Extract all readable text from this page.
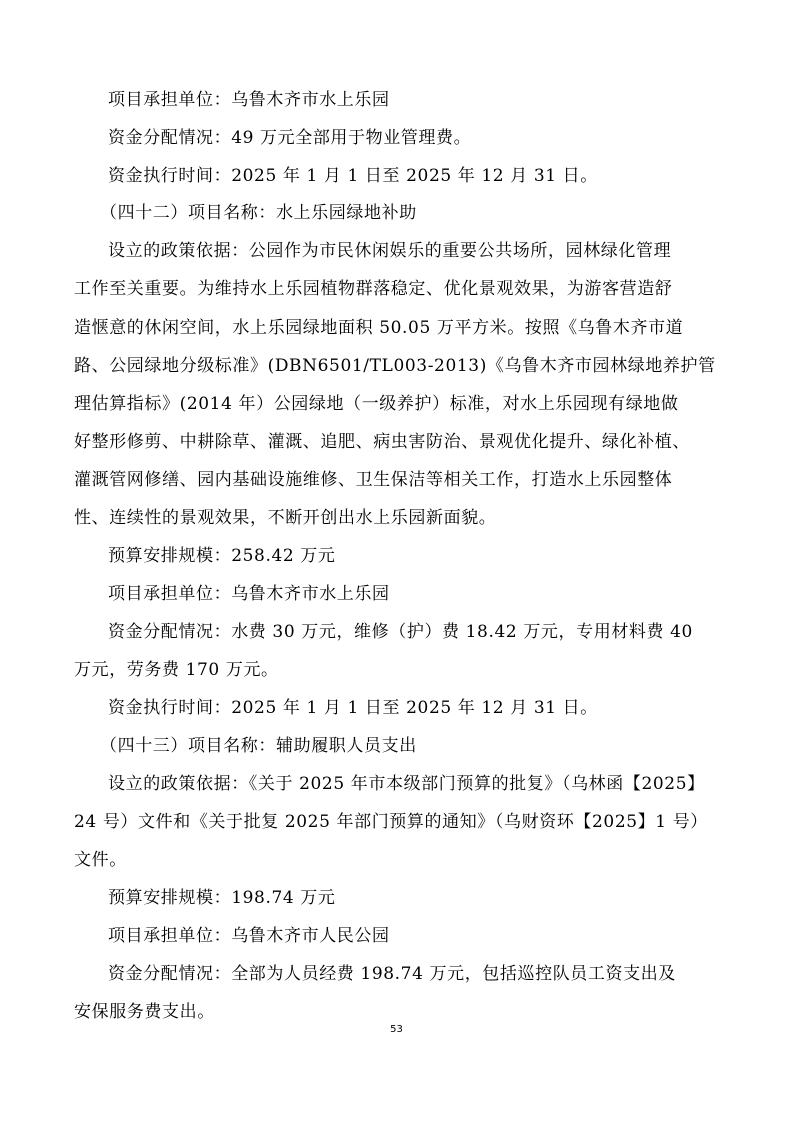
项目承担单位：乌鲁木齐市水上乐园
资金分配情况：49 万元全部用于物业管理费。
资金执行时间：2025 年 1 月 1 日至 2025 年 12 月 31 日。
（四十二）项目名称：水上乐园绿地补助
设立的政策依据：公园作为市民休闲娱乐的重要公共场所，园林绿化管理
工作至关重要。为维持水上乐园植物群落稳定、优化景观效果，为游客营造舒
造惬意的休闲空间，水上乐园绿地面积 50.05 万平方米。按照《乌鲁木齐市道
路、公园绿地分级标准》(DBN6501/TL003-2013)《乌鲁木齐市园林绿地养护管
理估算指标》(2014 年）公园绿地（一级养护）标准，对水上乐园现有绿地做
好整形修剪、中耕除草、灌溉、追肥、病虫害防治、景观优化提升、绿化补植、
灌溉管网修缮、园内基础设施维修、卫生保洁等相关工作，打造水上乐园整体
性、连续性的景观效果，不断开创出水上乐园新面貌。
预算安排规模：258.42 万元
项目承担单位：乌鲁木齐市水上乐园
资金分配情况：水费 30 万元，维修（护）费 18.42 万元，专用材料费 40
万元，劳务费 170 万元。
资金执行时间：2025 年 1 月 1 日至 2025 年 12 月 31 日。
（四十三）项目名称：辅助履职人员支出
设立的政策依据：《关于 2025 年市本级部门预算的批复》（乌林函【2025】
24 号）文件和《关于批复 2025 年部门预算的通知》（乌财资环【2025】1 号）
文件。
预算安排规模：198.74 万元
项目承担单位：乌鲁木齐市人民公园
资金分配情况：全部为人员经费 198.74 万元，包括巡控队员工资支出及
安保服务费支出。
53
